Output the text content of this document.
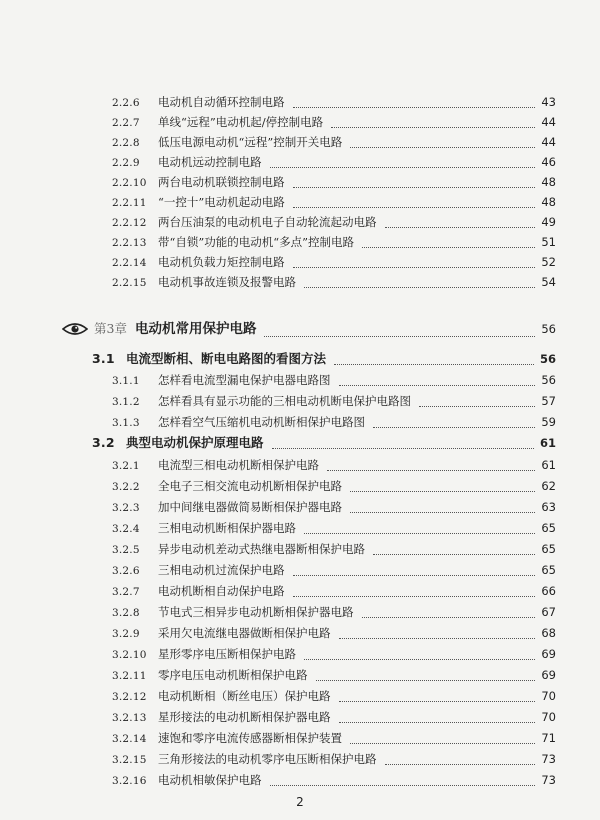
2.2.6	电动机自动循环控制电路	43
2.2.7	单线“远程”电动机起/停控制电路	44
2.2.8	低压电源电动机“远程”控制开关电路	44
2.2.9	电动机远动控制电路	46
2.2.10 两台电动机联锁控制电路	48
2.2.11 “一控十”电动机起动电路	48
2.2.12 两台压油泵的电动机电子自动轮流起动电路	49
2.2.13 带“自锁”功能的电动机“多点”控制电路	51
2.2.14 电动机负载力矩控制电路	52
2.2.15 电动机事故连锁及报警电路	54
第3章 电动机常用保护电路	56
3.1 电流型断相、断电电路图的看图方法	56
3.1.1	怎样看电流型漏电保护电器电路图	56
3.1.2	怎样看具有显示功能的三相电动机断电保护电路图	57
3.1.3	怎样看空气压缩机电动机断相保护电路图	59
3.2 典型电动机保护原理电路	61
3.2.1	电流型三相电动机断相保护电路	61
3.2.2	全电子三相交流电动机断相保护电路	62
3.2.3	加中间继电器做简易断相保护器电路	63
3.2.4	三相电动机断相保护器电路	65
3.2.5	异步电动机差动式热继电器断相保护电路	65
3.2.6	三相电动机过流保护电路	65
3.2.7	电动机断相自动保护电路	66
3.2.8	节电式三相异步电动机断相保护器电路	67
3.2.9	采用欠电流继电器做断相保护电路	68
3.2.10 星形零序电压断相保护电路	69
3.2.11 零序电压电动机断相保护电路	69
3.2.12 电动机断相（断丝电压）保护电路	70
3.2.13 星形接法的电动机断相保护器电路	70
3.2.14 速饱和零序电流传感器断相保护装置	71
3.2.15 三角形接法的电动机零序电压断相保护电路	73
3.2.16 电动机相敏保护电路	73
2
